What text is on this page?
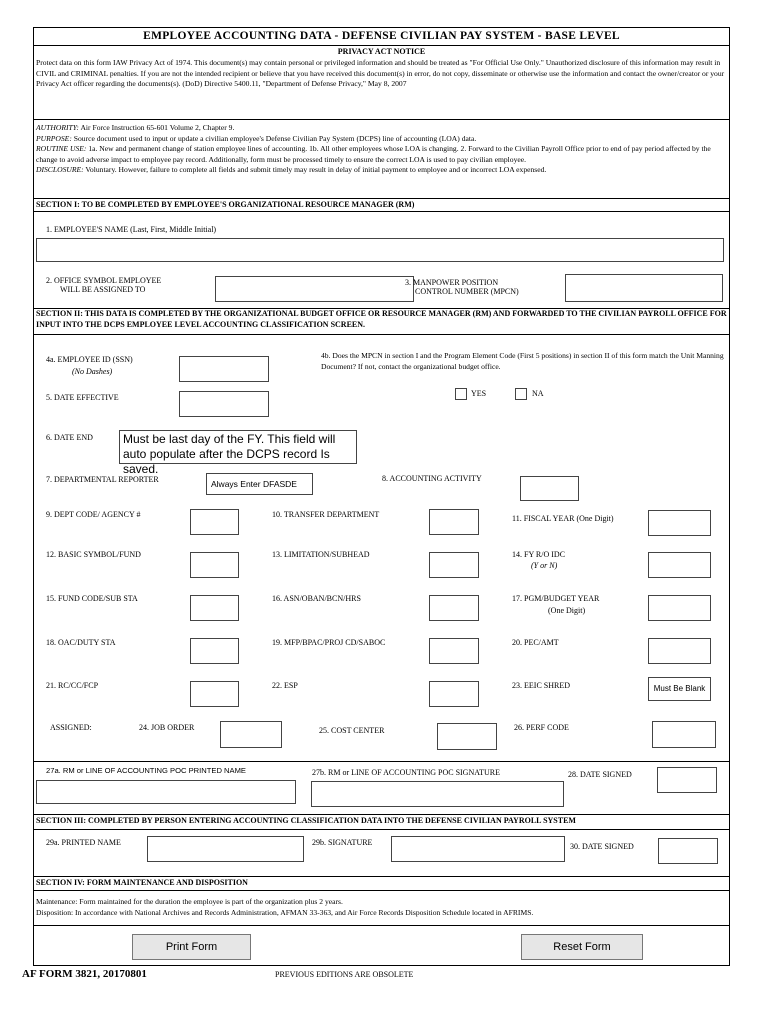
EMPLOYEE ACCOUNTING DATA - DEFENSE CIVILIAN PAY SYSTEM - BASE LEVEL
PRIVACY ACT NOTICE
Protect data on this form IAW Privacy Act of 1974. This document(s) may contain personal or privileged information and should be treated as "For Official Use Only." Unauthorized disclosure of this information may result in CIVIL and CRIMINAL penalties. If you are not the intended recipient or believe that you have received this document(s) in error, do not copy, disseminate or otherwise use the information and contact the owner/creator or your Privacy Act officer regarding the documents(s). (DoD) Directive 5400.11, "Department of Defense Privacy," May 8, 2007
AUTHORITY: Air Force Instruction 65-601 Volume 2, Chapter 9.
PURPOSE: Source document used to input or update a civilian employee's Defense Civilian Pay System (DCPS) line of accounting (LOA) data.
ROUTINE USE: 1a. New and permanent change of station employee lines of accounting. 1b. All other employees whose LOA is changing. 2. Forward to the Civilian Payroll Office prior to end of pay period affected by the change to avoid adverse impact to employee pay record. Additionally, form must be processed timely to ensure the correct LOA is used to pay civilian employee.
DISCLOSURE: Voluntary. However, failure to complete all fields and submit timely may result in delay of initial payment to employee and or incorrect LOA expensed.
SECTION I: TO BE COMPLETED BY EMPLOYEE'S ORGANIZATIONAL RESOURCE MANAGER (RM)
1. EMPLOYEE'S NAME (Last, First, Middle Initial)
2. OFFICE SYMBOL EMPLOYEE
WILL BE ASSIGNED TO
3. MANPOWER POSITION
CONTROL NUMBER (MPCN)
SECTION II: THIS DATA IS COMPLETED BY THE ORGANIZATIONAL BUDGET OFFICE OR RESOURCE MANAGER (RM) AND FORWARDED TO THE CIVILIAN PAYROLL OFFICE FOR INPUT INTO THE DCPS EMPLOYEE LEVEL ACCOUNTING CLASSIFICATION SCREEN.
4a. EMPLOYEE ID (SSN)
(No Dashes)
4b. Does the MPCN in section I and the Program Element Code (First 5 positions) in section II of this form match the Unit Manning Document? If not, contact the organizational budget office.
YES	NA
5. DATE EFFECTIVE
6. DATE END	Must be last day of the FY. This field will auto populate after the DCPS record Is saved.
7. DEPARTMENTAL REPORTER	Always Enter DFASDE
8. ACCOUNTING ACTIVITY
9. DEPT CODE/ AGENCY #	10. TRANSFER DEPARTMENT	11. FISCAL YEAR (One Digit)
12. BASIC SYMBOL/FUND	13. LIMITATION/SUBHEAD	14. FY R/O IDC
(Y or N)
15. FUND CODE/SUB STA	16. ASN/OBAN/BCN/HRS	17. PGM/BUDGET YEAR
(One Digit)
18. OAC/DUTY STA	19. MFP/BPAC/PROJ CD/SABOC	20. PEC/AMT
21. RC/CC/FCP	22. ESP	23. EEIC SHRED	Must Be Blank
ASSIGNED:	24. JOB ORDER	25. COST CENTER	26. PERF CODE
27a. RM or LINE OF ACCOUNTING POC PRINTED NAME	27b. RM or LINE OF ACCOUNTING POC SIGNATURE	28. DATE SIGNED
SECTION III: COMPLETED BY PERSON ENTERING ACCOUNTING CLASSIFICATION DATA INTO THE DEFENSE CIVILIAN PAYROLL SYSTEM
29a. PRINTED NAME	29b. SIGNATURE	30. DATE SIGNED
SECTION IV: FORM MAINTENANCE AND DISPOSITION
Maintenance: Form maintained for the duration the employee is part of the organization plus 2 years.
Disposition: In accordance with National Archives and Records Administration, AFMAN 33-363, and Air Force Records Disposition Schedule located in AFRIMS.
Print Form	Reset Form
AF FORM 3821, 20170801	PREVIOUS EDITIONS ARE OBSOLETE
